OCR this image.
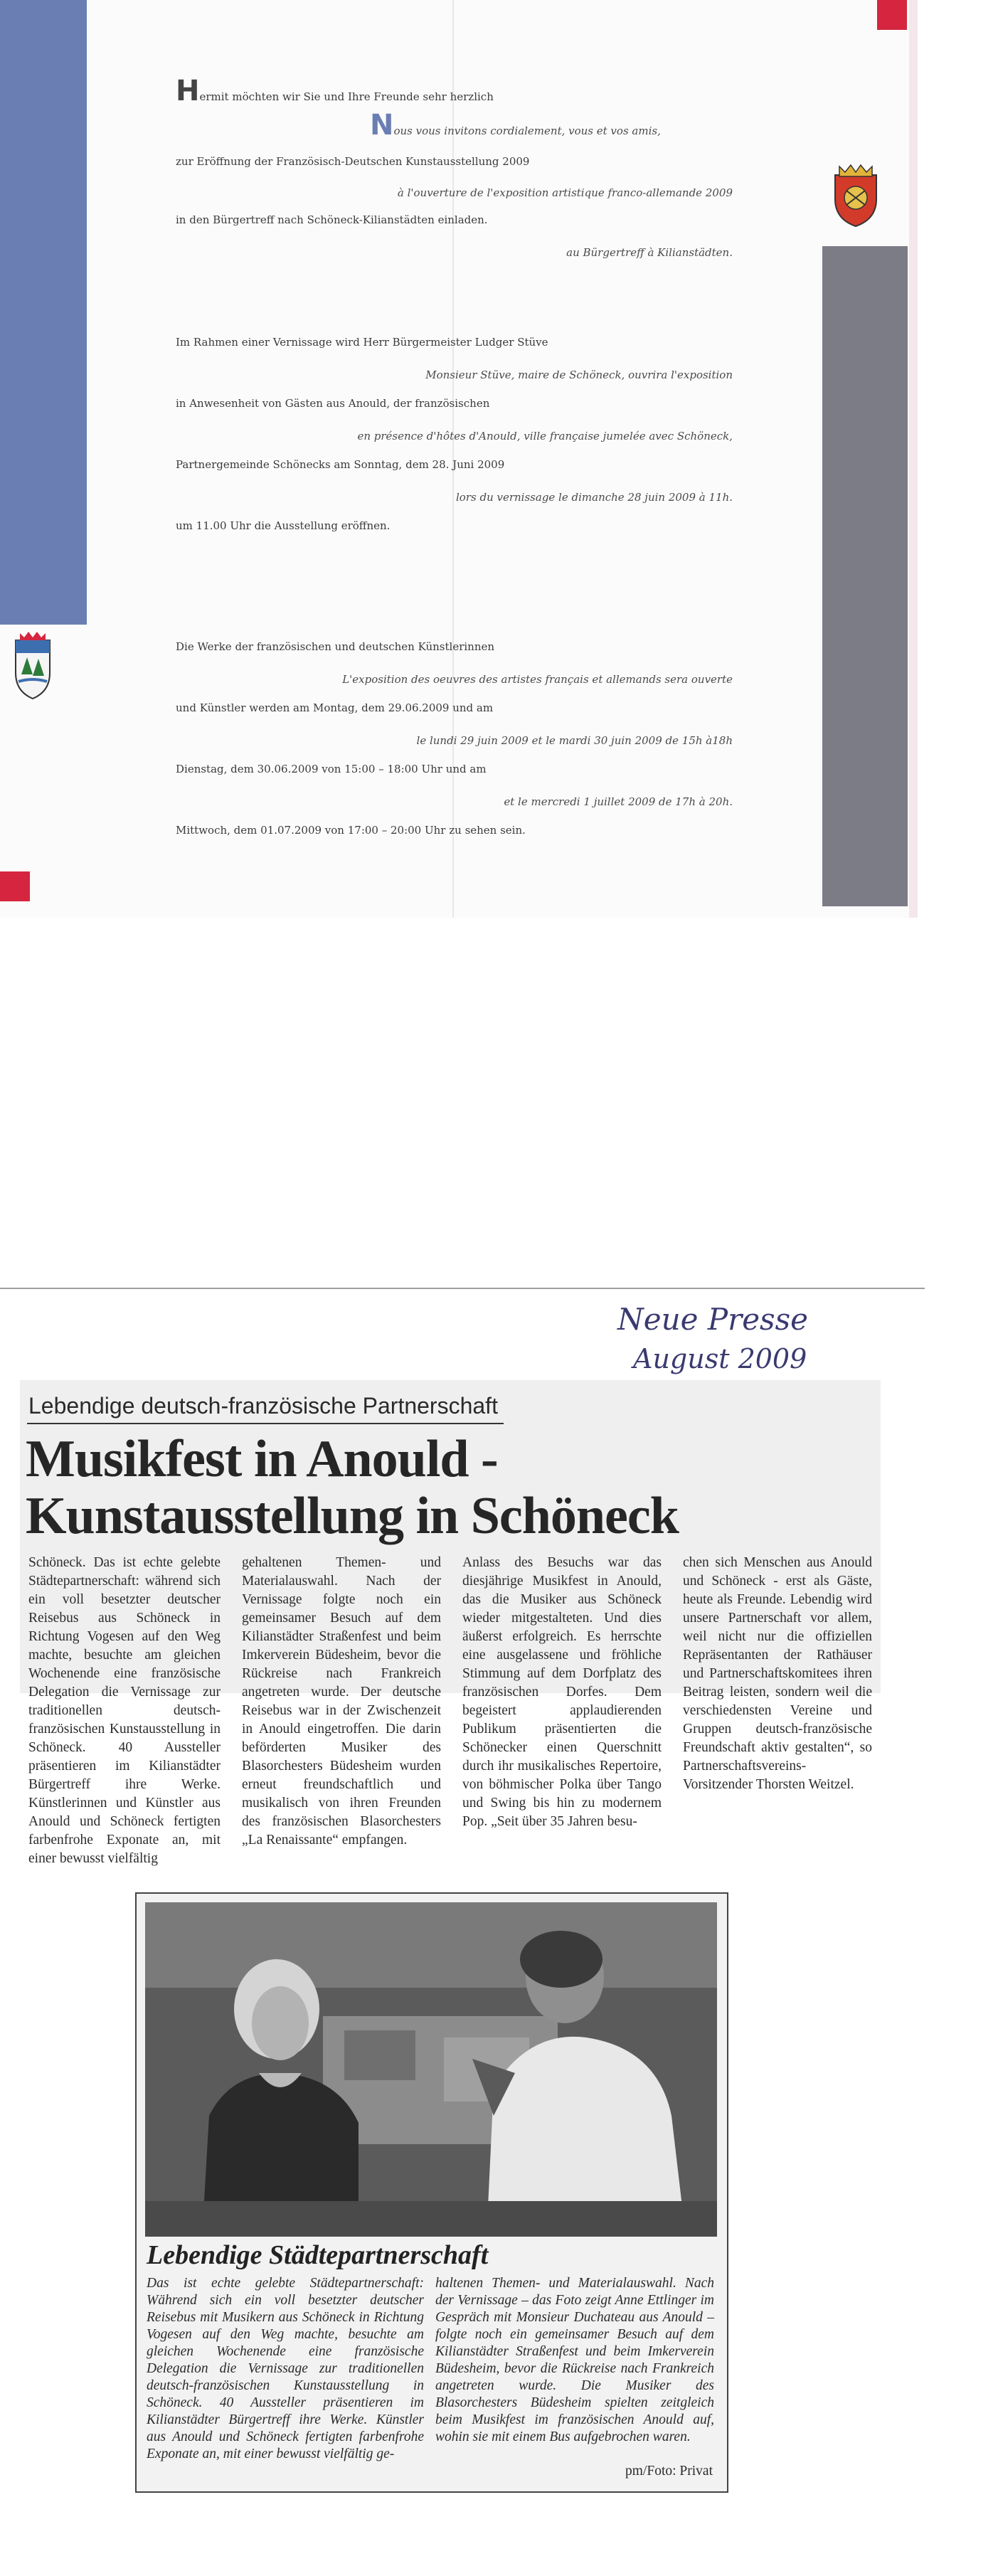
Hermit möchten wir Sie und Ihre Freunde sehr herzlich
Nous vous invitons cordialement, vous et vos amis,
zur Eröffnung der Französisch-Deutschen Kunstausstellung 2009
à l'ouverture de l'exposition artistique franco-allemande 2009
in den Bürgertreff nach Schöneck-Kilianstädten einladen.
au Bürgertreff à Kilianstädten.
Im Rahmen einer Vernissage wird Herr Bürgermeister Ludger Stüve
Monsieur Stüve, maire de Schöneck, ouvrira l'exposition
in Anwesenheit von Gästen aus Anould, der französischen
en présence d'hôtes d'Anould, ville française jumelée avec Schöneck,
Partnergemeinde Schönecks am Sonntag, dem 28. Juni 2009
lors du vernissage le dimanche 28 juin 2009 à 11h.
um 11.00 Uhr die Ausstellung eröffnen.
Die Werke der französischen und deutschen Künstlerinnen
L'exposition des oeuvres des artistes français et allemands sera ouverte
und Künstler werden am Montag, dem 29.06.2009 und am
le lundi 29 juin 2009 et le mardi 30 juin 2009 de 15h à18h
Dienstag, dem 30.06.2009 von 15:00 – 18:00 Uhr und am
et le mercredi 1 juillet 2009 de 17h à 20h.
Mittwoch, dem 01.07.2009 von 17:00 – 20:00 Uhr zu sehen sein.
Neue Presse
August 2009
Lebendige deutsch-französische Partnerschaft
Musikfest in Anould -
Kunstausstellung in Schöneck
Schöneck. Das ist echte gelebte Städtepartnerschaft: während sich ein voll besetzter deutscher Reisebus aus Schöneck in Richtung Vogesen auf den Weg machte, besuchte am gleichen Wochenende eine französische Delegation die Vernissage zur traditionellen deutsch-französischen Kunstausstellung in Schöneck. 40 Aussteller präsentieren im Kilianstädter Bürgertreff ihre Werke. Künstlerinnen und Künstler aus Anould und Schöneck fertigten farbenfrohe Exponate an, mit einer bewusst vielfältig
gehaltenen Themen- und Materialauswahl. Nach der Vernissage folgte noch ein gemeinsamer Besuch auf dem Kilianstädter Straßenfest und beim Imkerverein Büdesheim, bevor die Rückreise nach Frankreich angetreten wurde. Der deutsche Reisebus war in der Zwischenzeit in Anould eingetroffen. Die darin beförderten Musiker des Blasorchesters Büdesheim wurden erneut freundschaftlich und musikalisch von ihren Freunden des französischen Blasorchesters „La Renaissante“ empfangen.
Anlass des Besuchs war das diesjährige Musikfest in Anould, das die Musiker aus Schöneck wieder mitgestalteten. Und dies äußerst erfolgreich. Es herrschte eine ausgelassene und fröhliche Stimmung auf dem Dorfplatz des französischen Dorfes. Dem begeistert applaudierenden Publikum präsentierten die Schönecker einen Querschnitt durch ihr musikalisches Repertoire, von böhmischer Polka über Tango und Swing bis hin zu modernem Pop. „Seit über 35 Jahren besu-
chen sich Menschen aus Anould und Schöneck - erst als Gäste, heute als Freunde. Lebendig wird unsere Partnerschaft vor allem, weil nicht nur die offiziellen Repräsentanten der Rathäuser und Partnerschaftskomitees ihren Beitrag leisten, sondern weil die verschiedensten Vereine und Gruppen deutsch-französische Freundschaft aktiv gestalten“, so Partnerschaftsvereins-Vorsitzender Thorsten Weitzel.
Lebendige Städtepartnerschaft
Das ist echte gelebte Städtepartnerschaft: Während sich ein voll besetzter deutscher Reisebus mit Musikern aus Schöneck in Richtung Vogesen auf den Weg machte, besuchte am gleichen Wochenende eine französische Delegation die Vernissage zur traditionellen deutsch-französischen Kunstausstellung in Schöneck. 40 Aussteller präsentieren im Kilianstädter Bürgertreff ihre Werke. Künstler aus Anould und Schöneck fertigten farbenfrohe Exponate an, mit einer bewusst vielfältig ge-
haltenen Themen- und Materialauswahl. Nach der Vernissage – das Foto zeigt Anne Ettlinger im Gespräch mit Monsieur Duchateau aus Anould – folgte noch ein gemeinsamer Besuch auf dem Kilianstädter Straßenfest und beim Imkerverein Büdesheim, bevor die Rückreise nach Frankreich angetreten wurde. Die Musiker des Blasorchesters Büdesheim spielten zeitgleich beim Musikfest im französischen Anould auf, wohin sie mit einem Bus aufgebrochen waren.
pm/Foto: Privat
